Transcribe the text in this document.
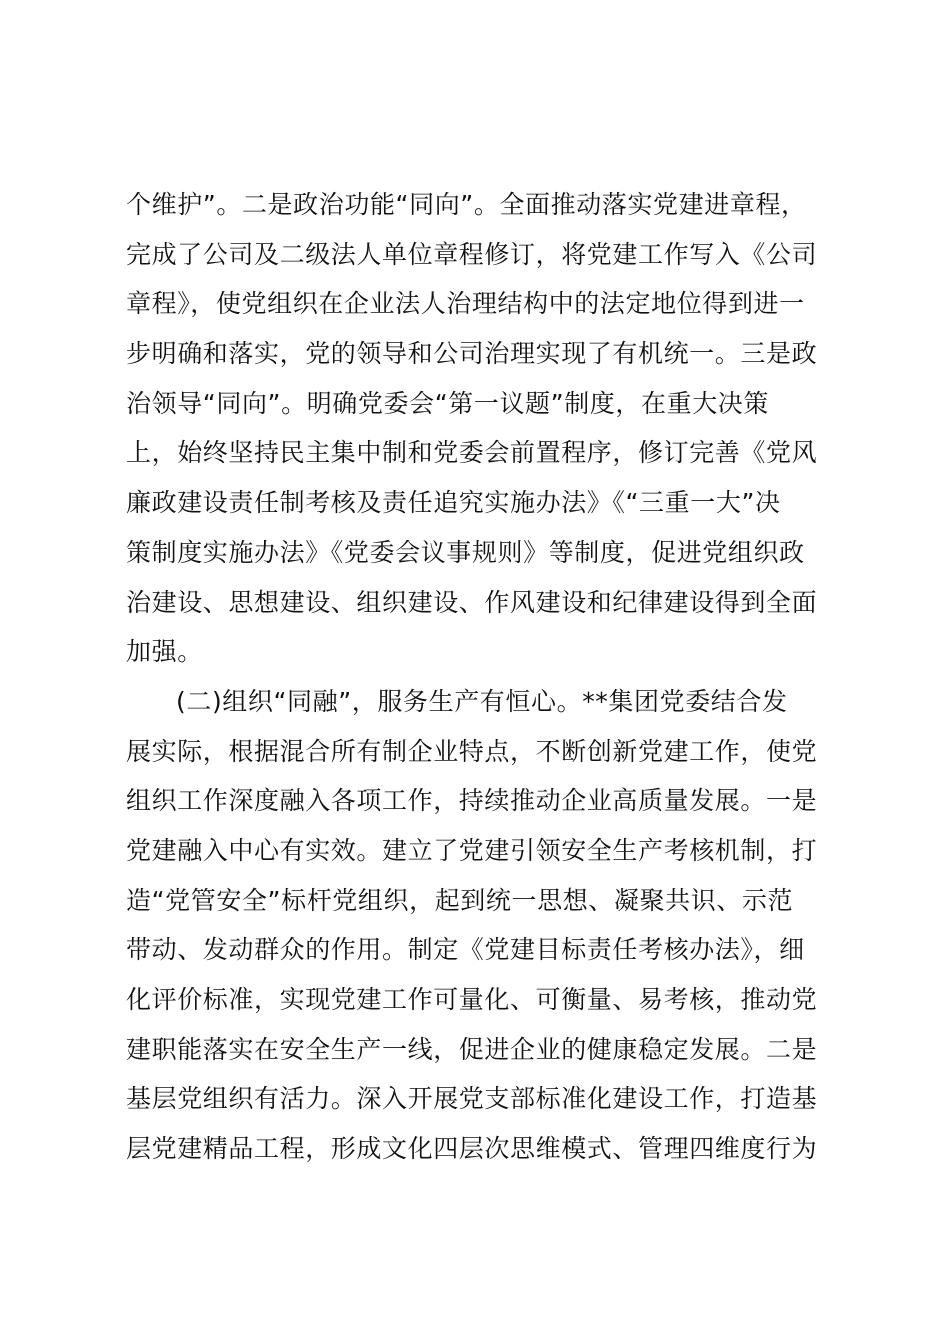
个维护”。二是政治功能“同向”。全面推动落实党建进章程，
完成了公司及二级法人单位章程修订，将党建工作写入《公司
章程》，使党组织在企业法人治理结构中的法定地位得到进一
步明确和落实，党的领导和公司治理实现了有机统一。三是政
治领导“同向”。明确党委会“第一议题”制度，在重大决策
上，始终坚持民主集中制和党委会前置程序，修订完善《党风
廉政建设责任制考核及责任追究实施办法》《“三重一大”决
策制度实施办法》《党委会议事规则》等制度，促进党组织政
治建设、思想建设、组织建设、作风建设和纪律建设得到全面
加强。
(二)组织“同融”，服务生产有恒心。**集团党委结合发
展实际，根据混合所有制企业特点，不断创新党建工作，使党
组织工作深度融入各项工作，持续推动企业高质量发展。一是
党建融入中心有实效。建立了党建引领安全生产考核机制，打
造“党管安全”标杆党组织，起到统一思想、凝聚共识、示范
带动、发动群众的作用。制定《党建目标责任考核办法》，细
化评价标准，实现党建工作可量化、可衡量、易考核，推动党
建职能落实在安全生产一线，促进企业的健康稳定发展。二是
基层党组织有活力。深入开展党支部标准化建设工作，打造基
层党建精品工程，形成文化四层次思维模式、管理四维度行为
